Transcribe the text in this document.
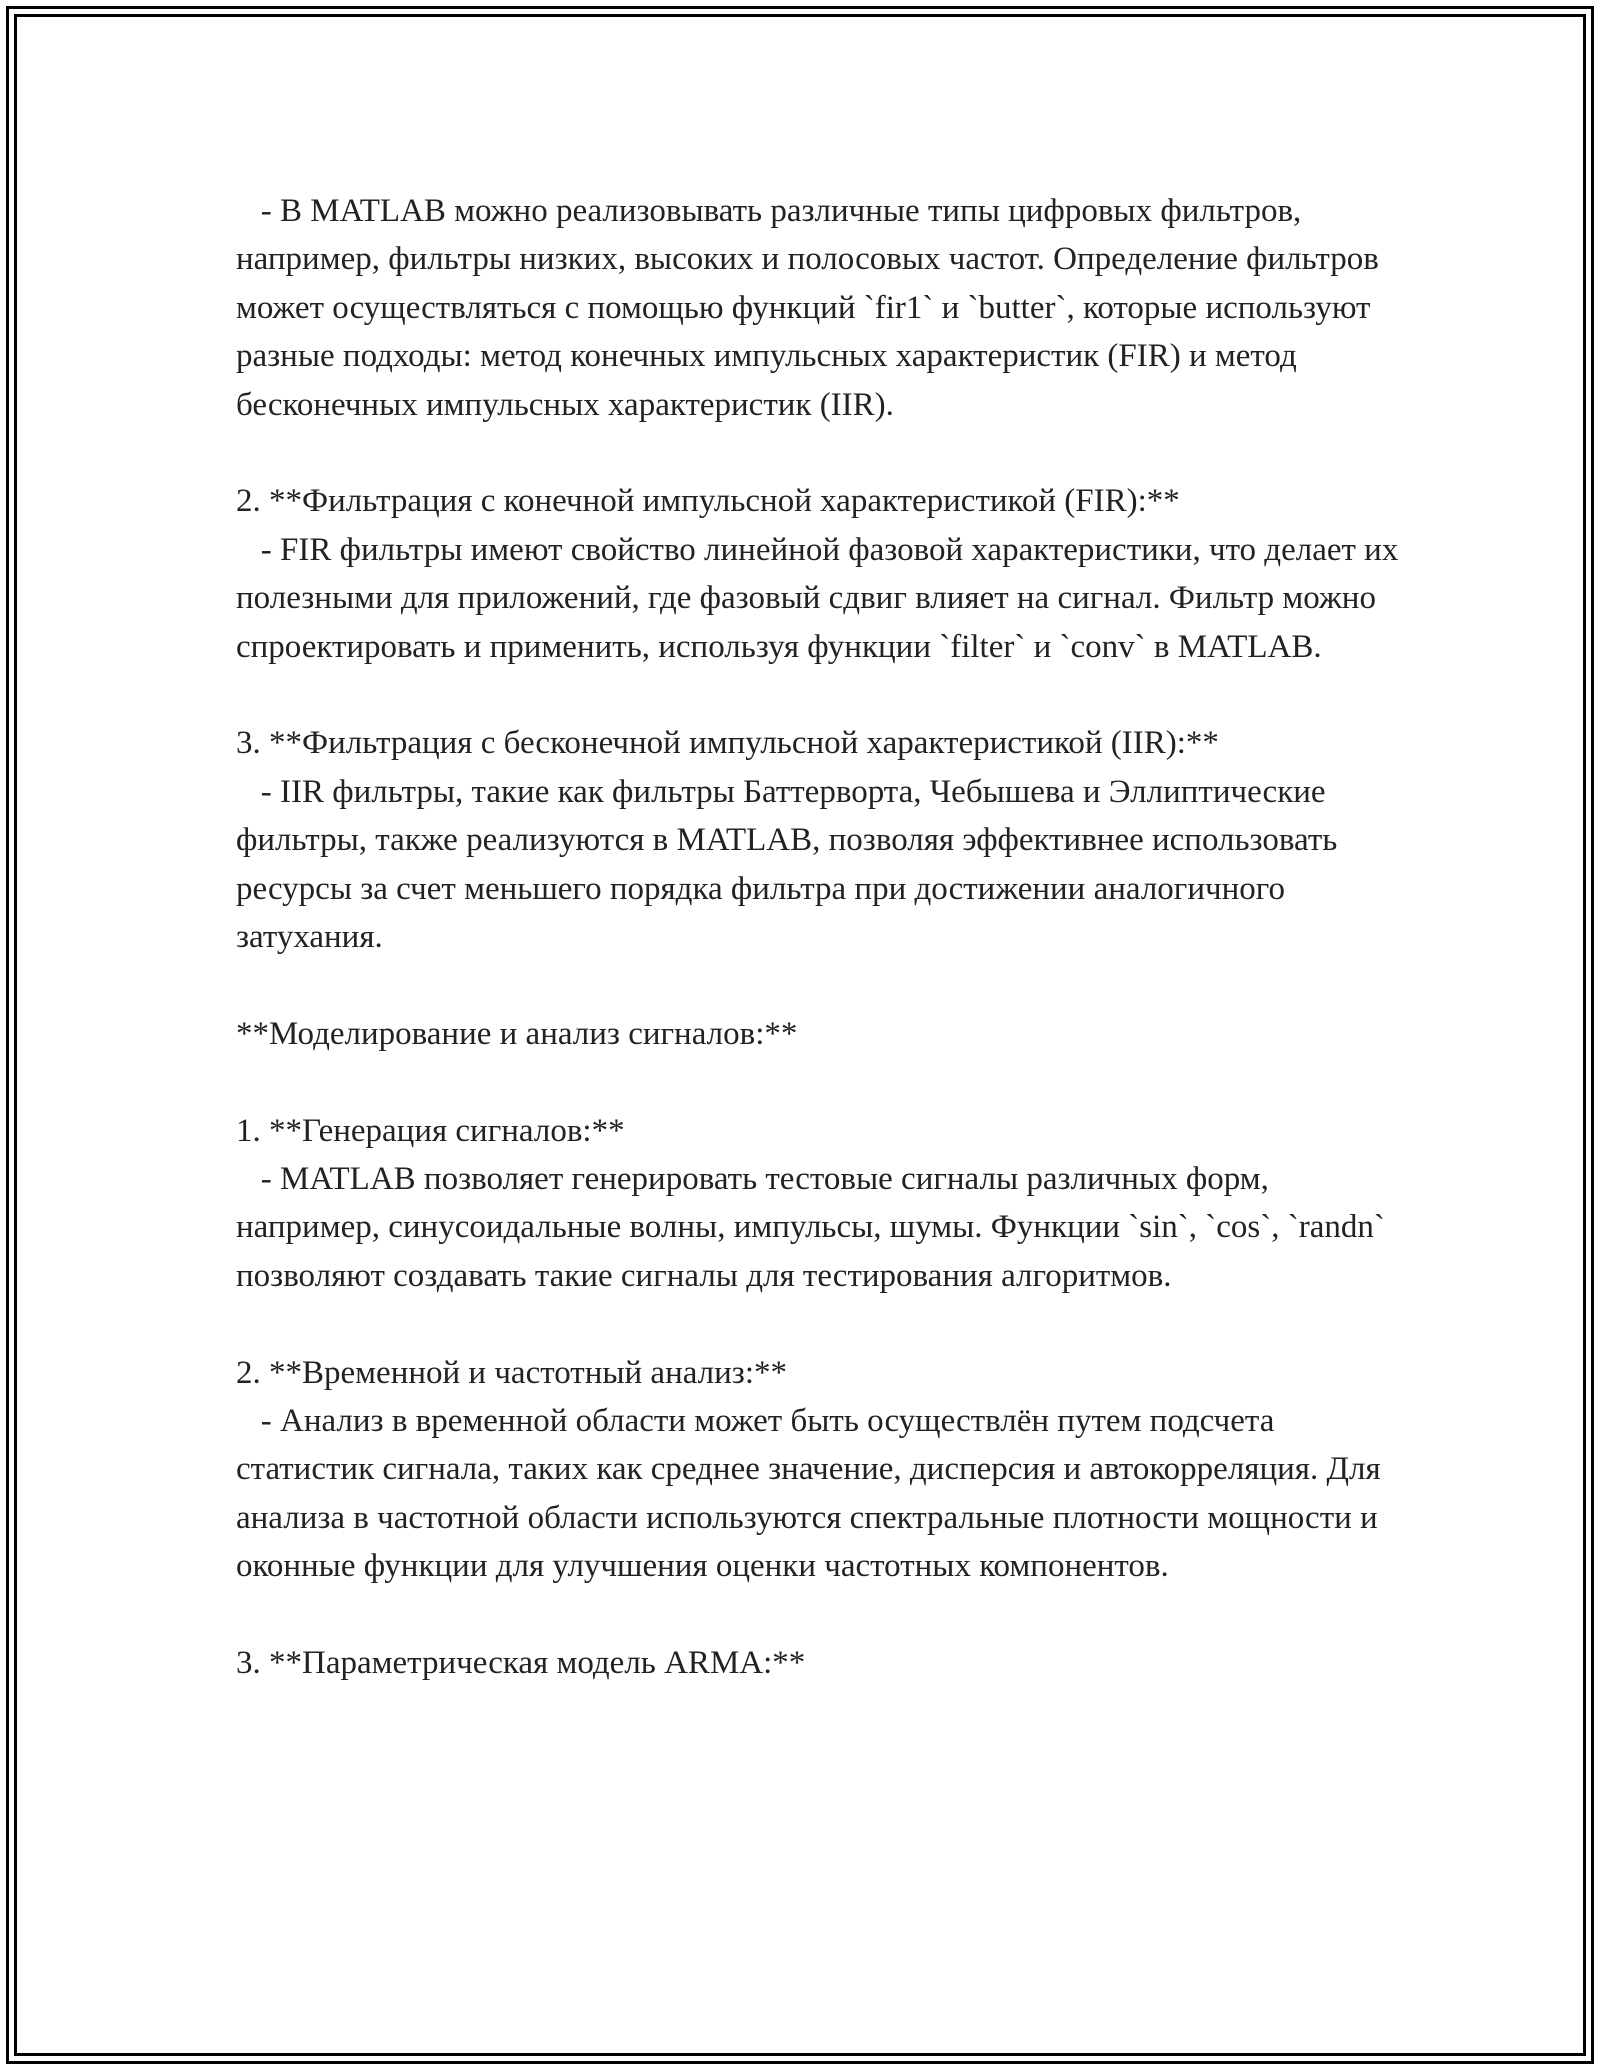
- В MATLAB можно реализовывать различные типы цифровых фильтров, например, фильтры низких, высоких и полосовых частот. Определение фильтров может осуществляться с помощью функций `fir1` и `butter`, которые используют разные подходы: метод конечных импульсных характеристик (FIR) и метод бесконечных импульсных характеристик (IIR).

2. **Фильтрация с конечной импульсной характеристикой (FIR):**

- FIR фильтры имеют свойство линейной фазовой характеристики, что делает их полезными для приложений, где фазовый сдвиг влияет на сигнал. Фильтр можно спроектировать и применить, используя функции `filter` и `conv` в MATLAB.

3. **Фильтрация с бесконечной импульсной характеристикой (IIR):**

- IIR фильтры, такие как фильтры Баттерворта, Чебышева и Эллиптические фильтры, также реализуются в MATLAB, позволяя эффективнее использовать ресурсы за счет меньшего порядка фильтра при достижении аналогичного затухания.

**Моделирование и анализ сигналов:**

1. **Генерация сигналов:**

- MATLAB позволяет генерировать тестовые сигналы различных форм, например, синусоидальные волны, импульсы, шумы. Функции `sin`, `cos`, `randn` позволяют создавать такие сигналы для тестирования алгоритмов.

2. **Временной и частотный анализ:**

- Анализ в временной области может быть осуществлён путем подсчета статистик сигнала, таких как среднее значение, дисперсия и автокорреляция. Для анализа в частотной области используются спектральные плотности мощности и оконные функции для улучшения оценки частотных компонентов.

3. **Параметрическая модель ARMA:**
